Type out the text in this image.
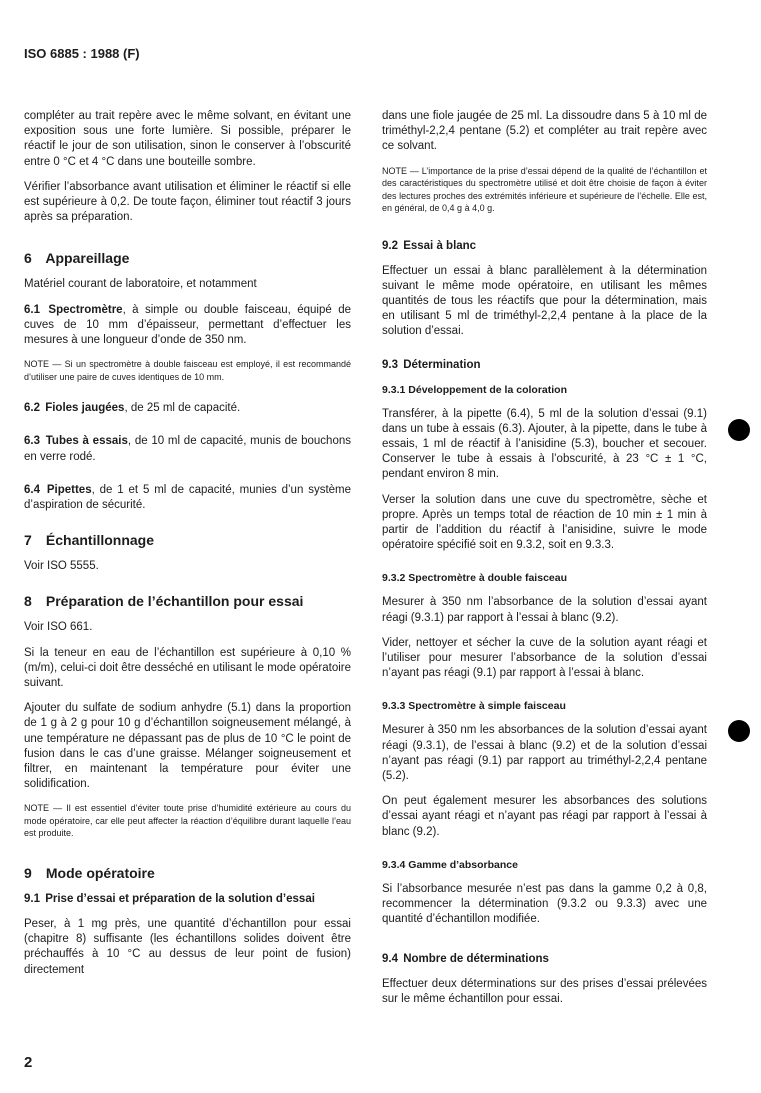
ISO 6885 : 1988 (F)

compléter au trait repère avec le même solvant, en évitant une exposition sous une forte lumière. Si possible, préparer le réactif le jour de son utilisation, sinon le conserver à l’obscurité entre 0 °C et 4 °C dans une bouteille sombre.

Vérifier l’absorbance avant utilisation et éliminer le réactif si elle est supérieure à 0,2. De toute façon, éliminer tout réactif 3 jours après sa préparation.

6 Appareillage

Matériel courant de laboratoire, et notamment

6.1 Spectromètre, à simple ou double faisceau, équipé de cuves de 10 mm d’épaisseur, permettant d’effectuer les mesures à une longueur d’onde de 350 nm.

NOTE — Si un spectromètre à double faisceau est employé, il est recommandé d’utiliser une paire de cuves identiques de 10 mm.

6.2 Fioles jaugées, de 25 ml de capacité.

6.3 Tubes à essais, de 10 ml de capacité, munis de bouchons en verre rodé.

6.4 Pipettes, de 1 et 5 ml de capacité, munies d’un système d’aspiration de sécurité.

7 Échantillonnage

Voir ISO 5555.

8 Préparation de l’échantillon pour essai

Voir ISO 661.

Si la teneur en eau de l’échantillon est supérieure à 0,10 % (m/m), celui-ci doit être desséché en utilisant le mode opératoire suivant.

Ajouter du sulfate de sodium anhydre (5.1) dans la proportion de 1 g à 2 g pour 10 g d’échantillon soigneusement mélangé, à une température ne dépassant pas de plus de 10 °C le point de fusion dans le cas d’une graisse. Mélanger soigneusement et filtrer, en maintenant la température pour éviter une solidification.

NOTE — Il est essentiel d’éviter toute prise d’humidité extérieure au cours du mode opératoire, car elle peut affecter la réaction d’équilibre durant laquelle l’eau est produite.

9 Mode opératoire
9.1 Prise d’essai et préparation de la solution d’essai

Peser, à 1 mg près, une quantité d’échantillon pour essai (chapitre 8) suffisante (les échantillons solides doivent être préchauffés à 10 °C au dessus de leur point de fusion) directement

dans une fiole jaugée de 25 ml. La dissoudre dans 5 à 10 ml de triméthyl-2,2,4 pentane (5.2) et compléter au trait repère avec ce solvant.

NOTE — L’importance de la prise d’essai dépend de la qualité de l’échantillon et des caractéristiques du spectromètre utilisé et doit être choisie de façon à éviter des lectures proches des extrémités inférieure et supérieure de l’échelle. Elle est, en général, de 0,4 g à 4,0 g.

9.2 Essai à blanc

Effectuer un essai à blanc parallèlement à la détermination suivant le même mode opératoire, en utilisant les mêmes quantités de tous les réactifs que pour la détermination, mais en utilisant 5 ml de triméthyl-2,2,4 pentane à la place de la solution d’essai.

9.3 Détermination
9.3.1 Développement de la coloration

Transférer, à la pipette (6.4), 5 ml de la solution d’essai (9.1) dans un tube à essais (6.3). Ajouter, à la pipette, dans le tube à essais, 1 ml de réactif à l’anisidine (5.3), boucher et secouer. Conserver le tube à essais à l’obscurité, à 23 °C ± 1 °C, pendant environ 8 min.

Verser la solution dans une cuve du spectromètre, sèche et propre. Après un temps total de réaction de 10 min ± 1 min à partir de l’addition du réactif à l’anisidine, suivre le mode opératoire spécifié soit en 9.3.2, soit en 9.3.3.

9.3.2 Spectromètre à double faisceau

Mesurer à 350 nm l’absorbance de la solution d’essai ayant réagi (9.3.1) par rapport à l’essai à blanc (9.2).

Vider, nettoyer et sécher la cuve de la solution ayant réagi et l’utiliser pour mesurer l’absorbance de la solution d’essai n’ayant pas réagi (9.1) par rapport à l’essai à blanc.

9.3.3 Spectromètre à simple faisceau

Mesurer à 350 nm les absorbances de la solution d’essai ayant réagi (9.3.1), de l’essai à blanc (9.2) et de la solution d’essai n’ayant pas réagi (9.1) par rapport au triméthyl-2,2,4 pentane (5.2).

On peut également mesurer les absorbances des solutions d’essai ayant réagi et n’ayant pas réagi par rapport à l’essai à blanc (9.2).

9.3.4 Gamme d’absorbance

Si l’absorbance mesurée n’est pas dans la gamme 0,2 à 0,8, recommencer la détermination (9.3.2 ou 9.3.3) avec une quantité d’échantillon modifiée.

9.4 Nombre de déterminations

Effectuer deux déterminations sur des prises d’essai prélevées sur le même échantillon pour essai.

2
